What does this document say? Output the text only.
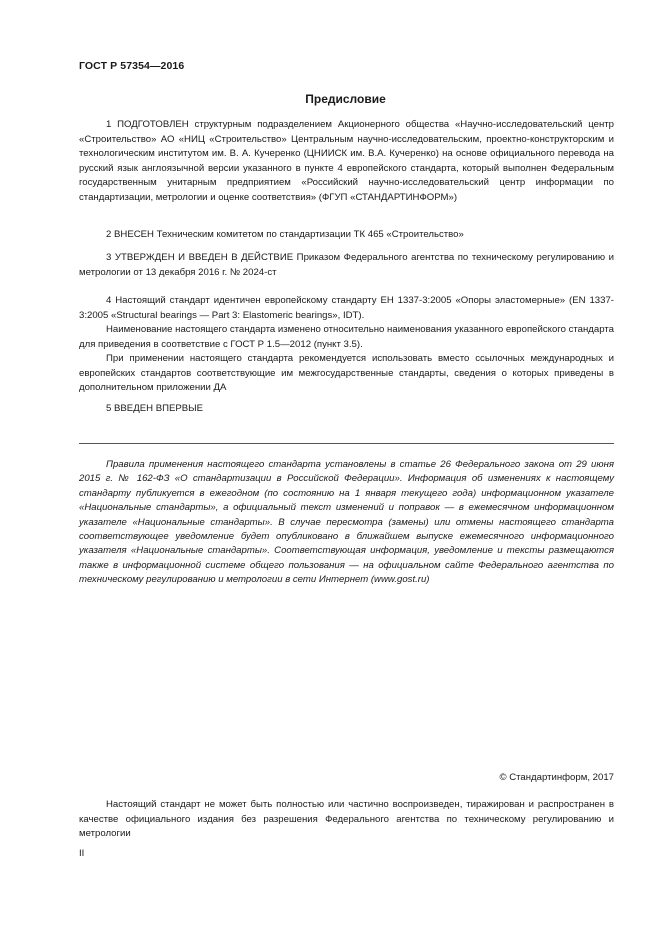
ГОСТ Р 57354—2016
Предисловие

1 ПОДГОТОВЛЕН структурным подразделением Акционерного общества «Научно-исследовательский центр «Строительство» АО «НИЦ «Строительство» Центральным научно-исследовательским, проектно-конструкторским и технологическим институтом им. В. А. Кучеренко (ЦНИИСК им. В.А. Кучеренко) на основе официального перевода на русский язык англоязычной версии указанного в пункте 4 европейского стандарта, который выполнен Федеральным государственным унитарным предприятием «Российский научно-исследовательский центр информации по стандартизации, метрологии и оценке соответствия» (ФГУП «СТАНДАРТИНФОРМ»)

2 ВНЕСЕН Техническим комитетом по стандартизации ТК 465 «Строительство»

3 УТВЕРЖДЕН И ВВЕДЕН В ДЕЙСТВИЕ Приказом Федерального агентства по техническому регулированию и метрологии от 13 декабря 2016 г. № 2024-ст

4 Настоящий стандарт идентичен европейскому стандарту ЕН 1337-3:2005 «Опоры эластомерные» (EN 1337-3:2005 «Structural bearings — Part 3: Elastomeric bearings», IDT).

Наименование настоящего стандарта изменено относительно наименования указанного европейского стандарта для приведения в соответствие с ГОСТ Р 1.5—2012 (пункт 3.5).

При применении настоящего стандарта рекомендуется использовать вместо ссылочных международных и европейских стандартов соответствующие им межгосударственные стандарты, сведения о которых приведены в дополнительном приложении ДА

5 ВВЕДЕН ВПЕРВЫЕ

Правила применения настоящего стандарта установлены в статье 26 Федерального закона от 29 июня 2015 г. № 162-ФЗ «О стандартизации в Российской Федерации». Информация об изменениях к настоящему стандарту публикуется в ежегодном (по состоянию на 1 января текущего года) информационном указателе «Национальные стандарты», а официальный текст изменений и поправок — в ежемесячном информационном указателе «Национальные стандарты». В случае пересмотра (замены) или отмены настоящего стандарта соответствующее уведомление будет опубликовано в ближайшем выпуске ежемесячного информационного указателя «Национальные стандарты». Соответствующая информация, уведомление и тексты размещаются также в информационной системе общего пользования — на официальном сайте Федерального агентства по техническому регулированию и метрологии в сети Интернет (www.gost.ru)

© Стандартинформ, 2017

Настоящий стандарт не может быть полностью или частично воспроизведен, тиражирован и распространен в качестве официального издания без разрешения Федерального агентства по техническому регулированию и метрологии

II
